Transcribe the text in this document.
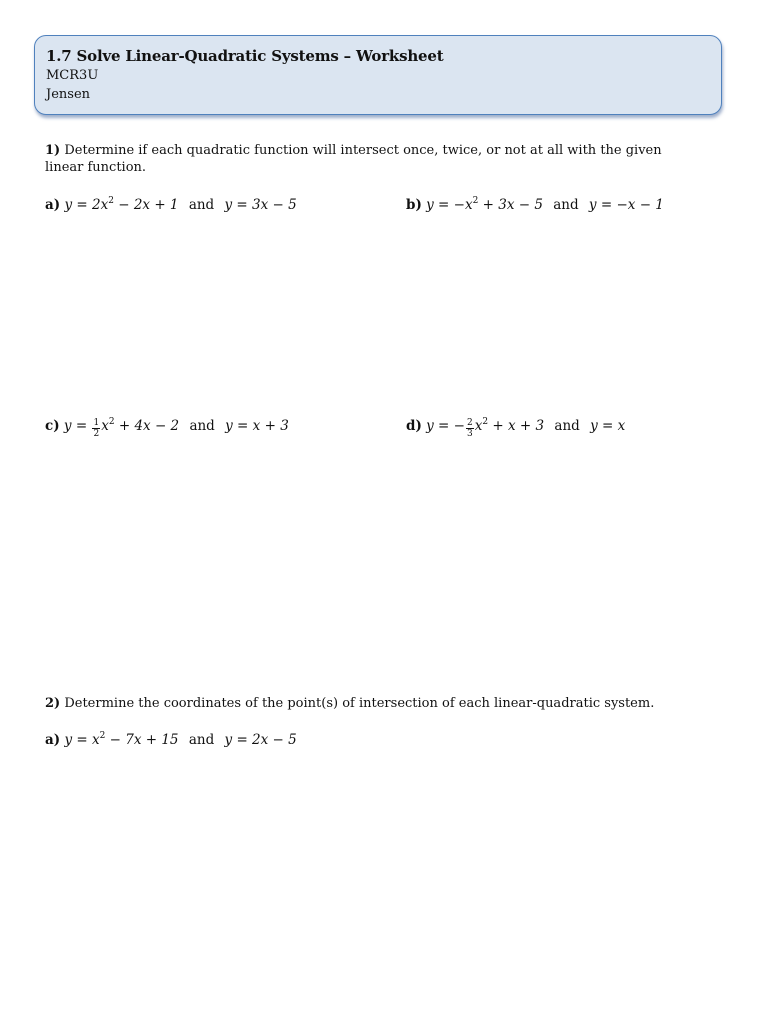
1.7 Solve Linear-Quadratic Systems – Worksheet
MCR3U
Jensen
1) Determine if each quadratic function will intersect once, twice, or not at all with the given linear function.
a) $y = 2x^2 - 2x + 1$ and y = 3x − 5	b) $y = -x^2 + 3x - 5$ and y = −x − 1
c) $y = \frac{1}{2} x^2 + 4x - 2$ and y = x + 3	d) y = − $\frac{2}{3} x^2 + x + 3$ and y = x
2) Determine the coordinates of the point(s) of intersection of each linear-quadratic system.
a) $y = x^2 - 7x + 15$ and y = 2x − 5
